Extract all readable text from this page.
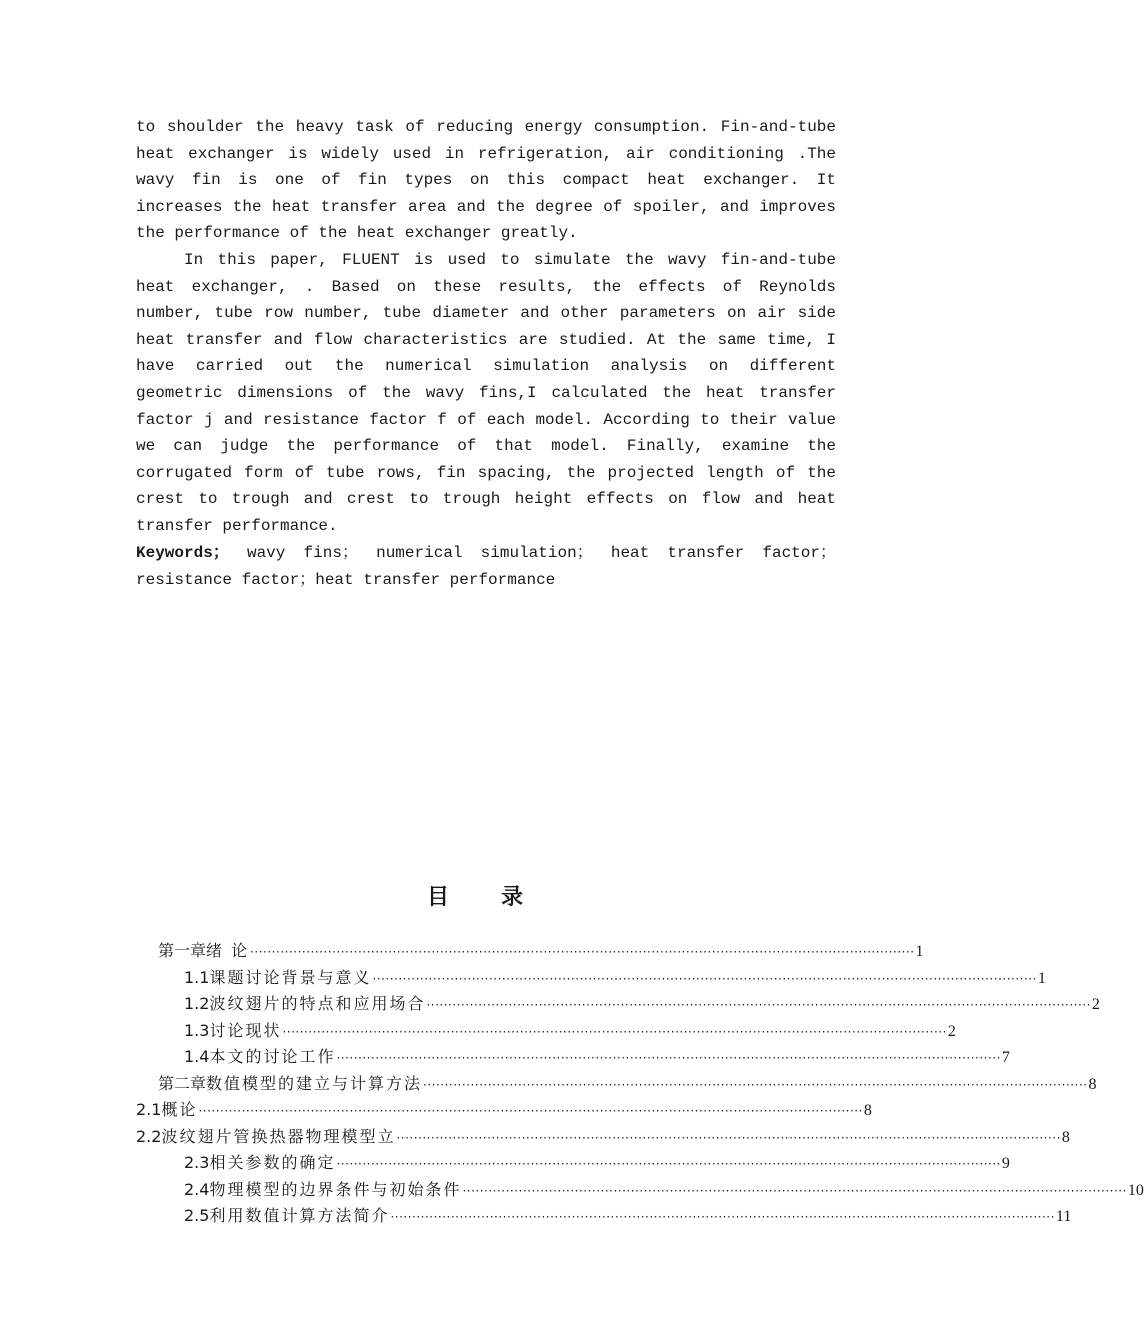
to shoulder the heavy task of reducing energy consumption. Fin-and-tube heat exchanger is widely used in refrigeration, air conditioning .The wavy fin is one of fin types on this compact heat exchanger. It increases the heat transfer area and the degree of spoiler, and improves the performance of the heat exchanger greatly.

In this paper, FLUENT is used to simulate the wavy fin-and-tube heat exchanger, . Based on these results, the effects of Reynolds number, tube row number, tube diameter and other parameters on air side heat transfer and flow characteristics are studied. At the same time, I have carried out the numerical simulation analysis on different geometric dimensions of the wavy fins,I calculated the heat transfer factor j and resistance factor f of each model. According to their value we can judge the performance of that model. Finally, examine the corrugated form of tube rows, fin spacing, the projected length of the crest to trough and crest to trough height effects on flow and heat transfer performance.

Keywords； wavy fins； numerical simulation； heat transfer factor； resistance factor；heat transfer performance
目录
第一章 绪 论 ·························································································································································· 1
1.1 课题讨论背景与意义 ·························································································································································· 1
1.2 波纹翅片的特点和应用场合 ·························································································································································· 2
1.3 讨论现状 ·························································································································································· 2
1.4 本文的讨论工作 ·························································································································································· 7
第二章 数值模型的建立与计算方法 ·························································································································································· 8
2.1 概论 ·························································································································································· 8
2.2 波纹翅片管换热器物理模型立 ·························································································································································· 8
2.3 相关参数的确定 ·························································································································································· 9
2.4 物理模型的边界条件与初始条件 ·························································································································································· 10
2.5 利用数值计算方法简介 ·························································································································································· 11
